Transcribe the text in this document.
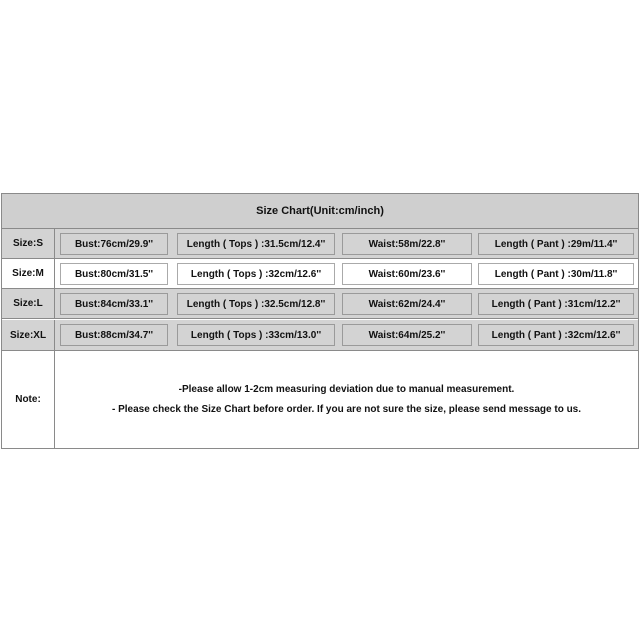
Size Chart(Unit:cm/inch)
Size:S	Bust:76cm/29.9''	Length ( Tops ) :31.5cm/12.4''	Waist:58m/22.8''	Length ( Pant ) :29m/11.4''
Size:M	Bust:80cm/31.5''	Length ( Tops ) :32cm/12.6''	Waist:60m/23.6''	Length ( Pant ) :30m/11.8''
Size:L	Bust:84cm/33.1''	Length ( Tops ) :32.5cm/12.8''	Waist:62m/24.4''	Length ( Pant ) :31cm/12.2''
Size:XL	Bust:88cm/34.7''	Length ( Tops ) :33cm/13.0''	Waist:64m/25.2''	Length ( Pant ) :32cm/12.6''
Note:
-Please allow 1-2cm measuring deviation due to manual measurement.
- Please check the Size Chart before order. If you are not sure the size, please send message to us.
